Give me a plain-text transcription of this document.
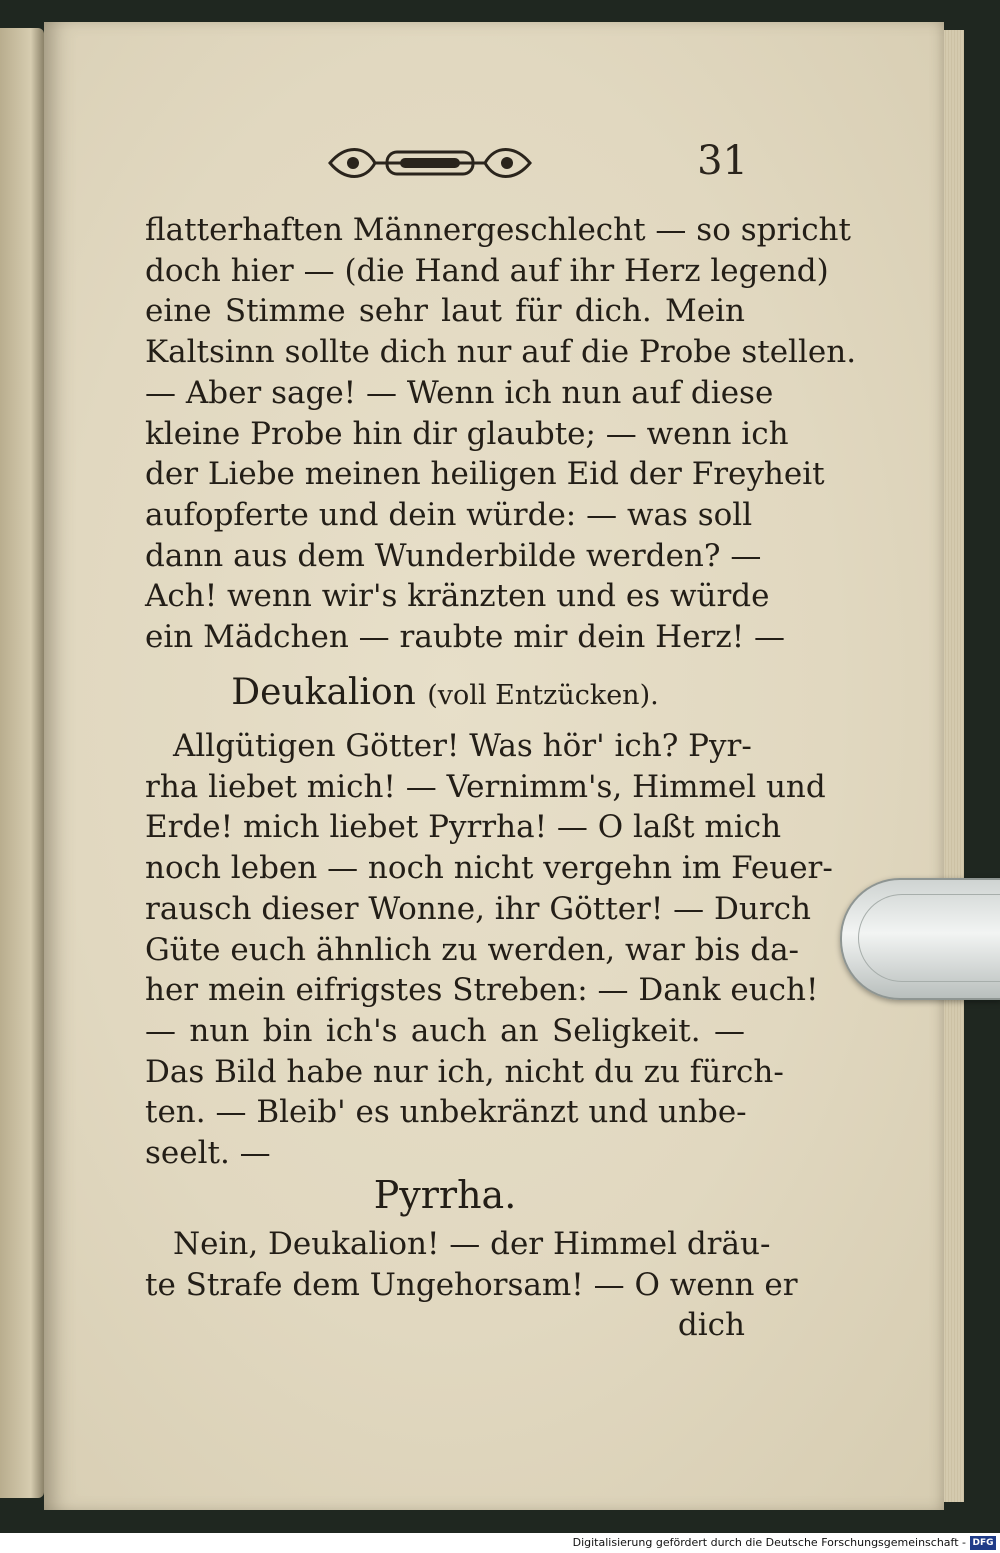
31
flatterhaften Männergeschlecht — so spricht
doch hier — (die Hand auf ihr Herz legend)
eine Stimme sehr laut für dich. Mein
Kaltsinn sollte dich nur auf die Probe stellen.
— Aber sage! — Wenn ich nun auf diese
kleine Probe hin dir glaubte; — wenn ich
der Liebe meinen heiligen Eid der Freyheit
aufopferte und dein würde: — was soll
dann aus dem Wunderbilde werden? —
Ach! wenn wir's kränzten und es würde
ein Mädchen — raubte mir dein Herz! —
Deukalion (voll Entzücken).
Allgütigen Götter! Was hör' ich? Pyr-
rha liebet mich! — Vernimm's, Himmel und
Erde! mich liebet Pyrrha! — O laßt mich
noch leben — noch nicht vergehn im Feuer-
rausch dieser Wonne, ihr Götter! — Durch
Güte euch ähnlich zu werden, war bis da-
her mein eifrigstes Streben: — Dank euch!
— nun bin ich's auch an Seligkeit. —
Das Bild habe nur ich, nicht du zu fürch-
ten. — Bleib' es unbekränzt und unbe-
seelt. —
Pyrrha.
Nein, Deukalion! — der Himmel dräu-
te Strafe dem Ungehorsam! — O wenn er
dich
Digitalisierung gefördert durch die Deutsche Forschungsgemeinschaft - DFG
